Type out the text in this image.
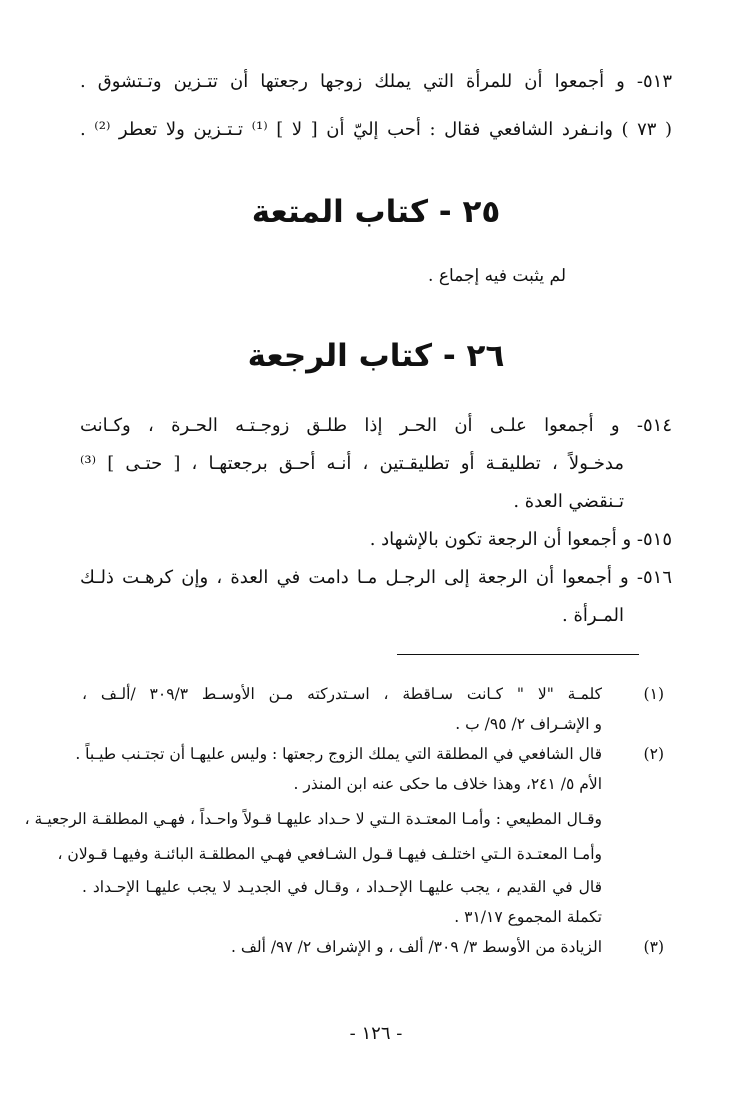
٥١٣- و أجمعوا أن للمرأة التي يملك زوجها رجعتها أن تتـزين وتـتشوق .
( ٧٣ ) وانـفرد الشافعي فقال : أحب إليّ أن [ لا ] ⁽¹⁾ تـتـزين ولا تعطر ⁽²⁾ .
٢٥ - كتاب المتعة
لم يثبت فيه إجماع .
٢٦ - كتاب الرجعة
٥١٤- و أجمعوا علـى أن الحـر إذا طلـق زوجـتـه الحـرة ، وكـانت
مدخـولاً ، تطليقـة أو تطليقـتين ، أنـه أحـق برجعتهـا ، [ حتـى ] ⁽³⁾
تـنقضي العدة .
٥١٥- و أجمعوا أن الرجعة تكون بالإشهاد .
٥١٦- و أجمعوا أن الرجعة إلى الرجـل مـا دامت في العدة ، وإن كرهـت ذلـك
المـرأة .
(١)
كلمـة "لا " كـانت سـاقطة ، اسـتدركته مـن الأوسـط ٣٠٩/٣ /ألـف ،
و الإشـراف ٢/ ٩٥/ ب .
(٢)
قال الشافعي في المطلقة التي يملك الزوج رجعتها : وليس عليهـا أن تجتـنب طيـباً .
الأم ٥/ ٢٤١، وهذا خلاف ما حكى عنه ابن المنذر .
وقـال المطيعي : وأمـا المعتـدة الـتي لا حـداد عليهـا قـولاً واحـداً ، فهـي المطلقـة الرجعيـة ،
وأمـا المعتـدة الـتي اختلـف فيهـا قـول الشـافعي فهـي المطلقـة البائنـة وفيهـا قـولان ،
قال في القديم ، يجب عليهـا الإحـداد ، وقـال في الجديـد لا يجب عليهـا الإحـداد .
تكملة المجموع ٣١/١٧ .
(٣)
الزيادة من الأوسط ٣/ ٣٠٩/ ألف ، و الإشراف ٢/ ٩٧/ ألف .
- ١٢٦ -
